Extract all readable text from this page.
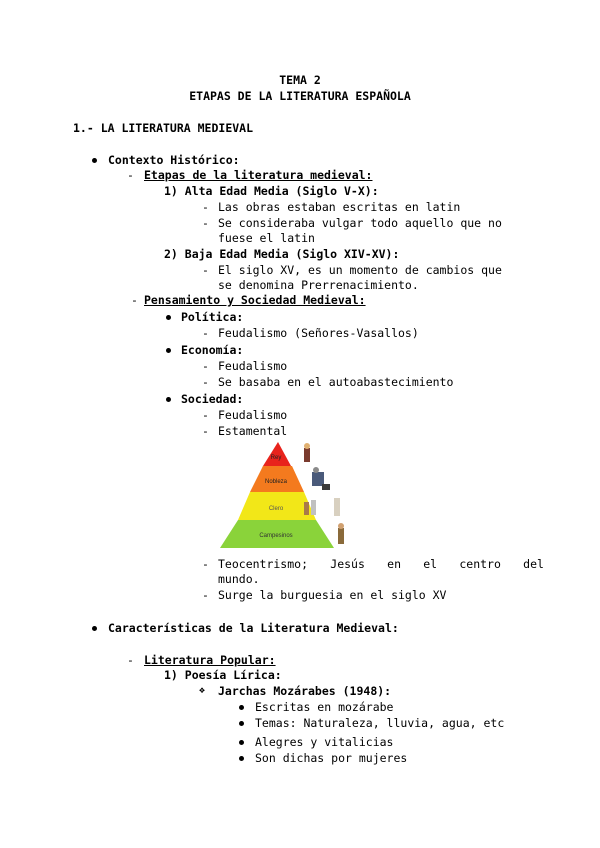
TEMA 2
ETAPAS DE LA LITERATURA ESPAÑOLA
1.- LA LITERATURA MEDIEVAL
Contexto Histórico:
- Etapas de la literatura medieval:
1) Alta Edad Media (Siglo V-X):
- Las obras estaban escritas en latin
- Se consideraba vulgar todo aquello que no
fuese el latin
2) Baja Edad Media (Siglo XIV-XV):
- El siglo XV, es un momento de cambios que
se denomina Prerrenacimiento.
- Pensamiento y Sociedad Medieval:
Política:
- Feudalismo (Señores-Vasallos)
Economía:
- Feudalismo
- Se basaba en el autoabastecimiento
Sociedad:
- Feudalismo
- Estamental
Rey
Nobleza
Clero
Campesinos
- Teocentrismo; Jesús en el centro del
mundo.
- Surge la burguesia en el siglo XV
Características de la Literatura Medieval:
- Literatura Popular:
1) Poesía Lírica:
❖ Jarchas Mozárabes (1948):
Escritas en mozárabe
Temas: Naturaleza, lluvia, agua, etc
Alegres y vitalicias
Son dichas por mujeres
